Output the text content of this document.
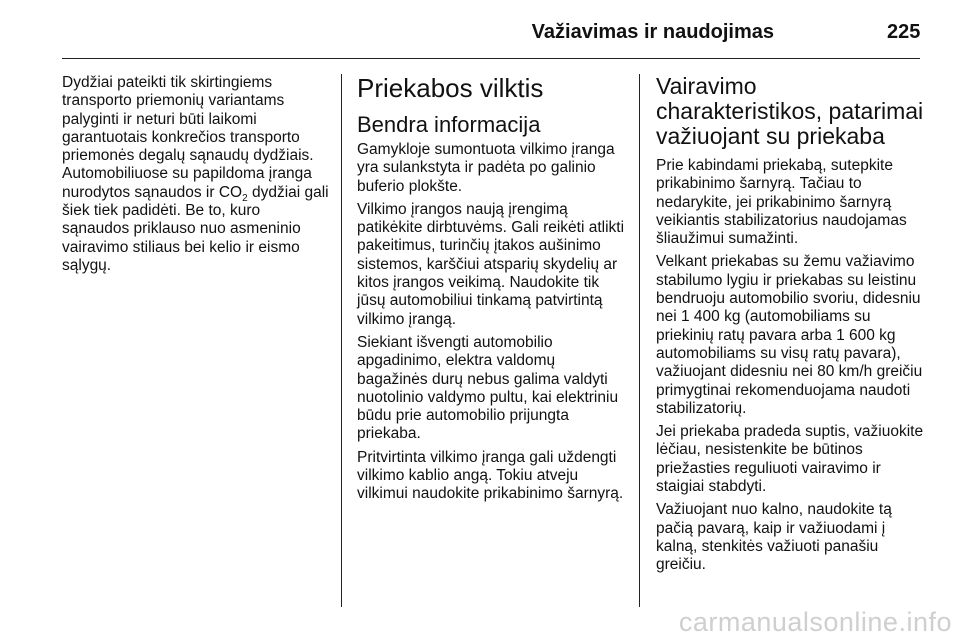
Važiavimas ir naudojimas	225

Dydžiai pateikti tik skirtingiems transporto priemonių variantams palyginti ir neturi būti laikomi garantuotais konkrečios transporto priemonės degalų sąnaudų dydžiais. Automobiliuose su papildoma įranga nurodytos sąnaudos ir $CO_2$ dydžiai gali šiek tiek padidėti. Be to, kuro sąnaudos priklauso nuo asmeninio vairavimo stiliaus bei kelio ir eismo sąlygų.

Priekabos vilktis
Bendra informacija

Gamykloje sumontuota vilkimo įranga yra sulankstyta ir padėta po galinio buferio plokšte.

Vilkimo įrangos naują įrengimą patikėkite dirbtuvėms. Gali reikėti atlikti pakeitimus, turinčių įtakos aušinimo sistemos, karščiui atsparių skydelių ar kitos įrangos veikimą. Naudokite tik jūsų automobiliui tinkamą patvirtintą vilkimo įrangą.

Siekiant išvengti automobilio apgadinimo, elektra valdomų bagažinės durų nebus galima valdyti nuotolinio valdymo pultu, kai elektriniu būdu prie automobilio prijungta priekaba.

Pritvirtinta vilkimo įranga gali uždengti vilkimo kablio angą. Tokiu atveju vilkimui naudokite prikabinimo šarnyrą.

Vairavimo charakteristikos, patarimai važiuojant su priekaba

Prie kabindami priekabą, sutepkite prikabinimo šarnyrą. Tačiau to nedarykite, jei prikabinimo šarnyrą veikiantis stabilizatorius naudojamas šliaužimui sumažinti.

Velkant priekabas su žemu važiavimo stabilumo lygiu ir priekabas su leistinu bendruoju automobilio svoriu, didesniu nei 1 400 kg (automobiliams su priekinių ratų pavara arba 1 600 kg automobiliams su visų ratų pavara), važiuojant didesniu nei 80 km/h greičiu primygtinai rekomenduojama naudoti stabilizatorių.

Jei priekaba pradeda suptis, važiuokite lėčiau, nesistenkite be būtinos priežasties reguliuoti vairavimo ir staigiai stabdyti.

Važiuojant nuo kalno, naudokite tą pačią pavarą, kaip ir važiuodami į kalną, stenkitės važiuoti panašiu greičiu.

carmanualsonline.info
